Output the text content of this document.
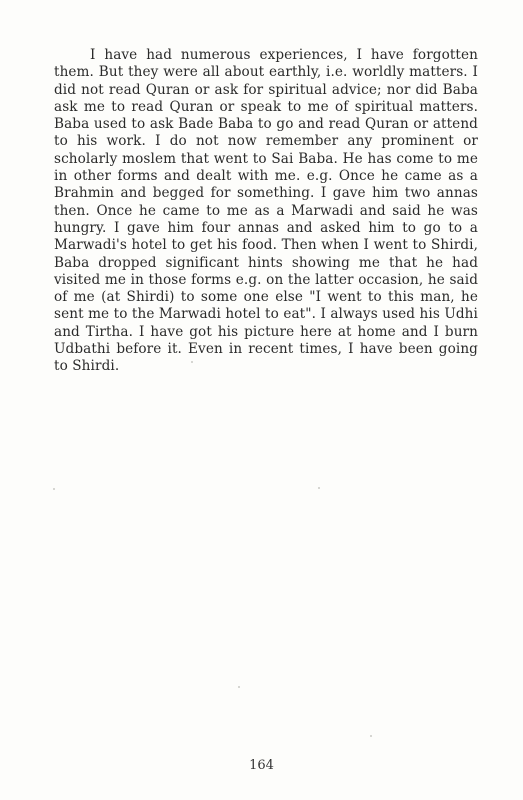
I have had numerous experiences, I have forgotten them. But they were all about earthly, i.e. worldly matters. I did not read Quran or ask for spiritual advice; nor did Baba ask me to read Quran or speak to me of spiritual matters. Baba used to ask Bade Baba to go and read Quran or attend to his work. I do not now remember any prominent or scholarly moslem that went to Sai Baba. He has come to me in other forms and dealt with me. e.g. Once he came as a Brahmin and begged for something. I gave him two annas then. Once he came to me as a Marwadi and said he was hungry. I gave him four annas and asked him to go to a Marwadi's hotel to get his food. Then when I went to Shirdi, Baba dropped significant hints showing me that he had visited me in those forms e.g. on the latter occasion, he said of me (at Shirdi) to some one else "I went to this man, he sent me to the Marwadi hotel to eat". I always used his Udhi and Tirtha. I have got his picture here at home and I burn Udbathi before it. Even in recent times, I have been going to Shirdi.

164
